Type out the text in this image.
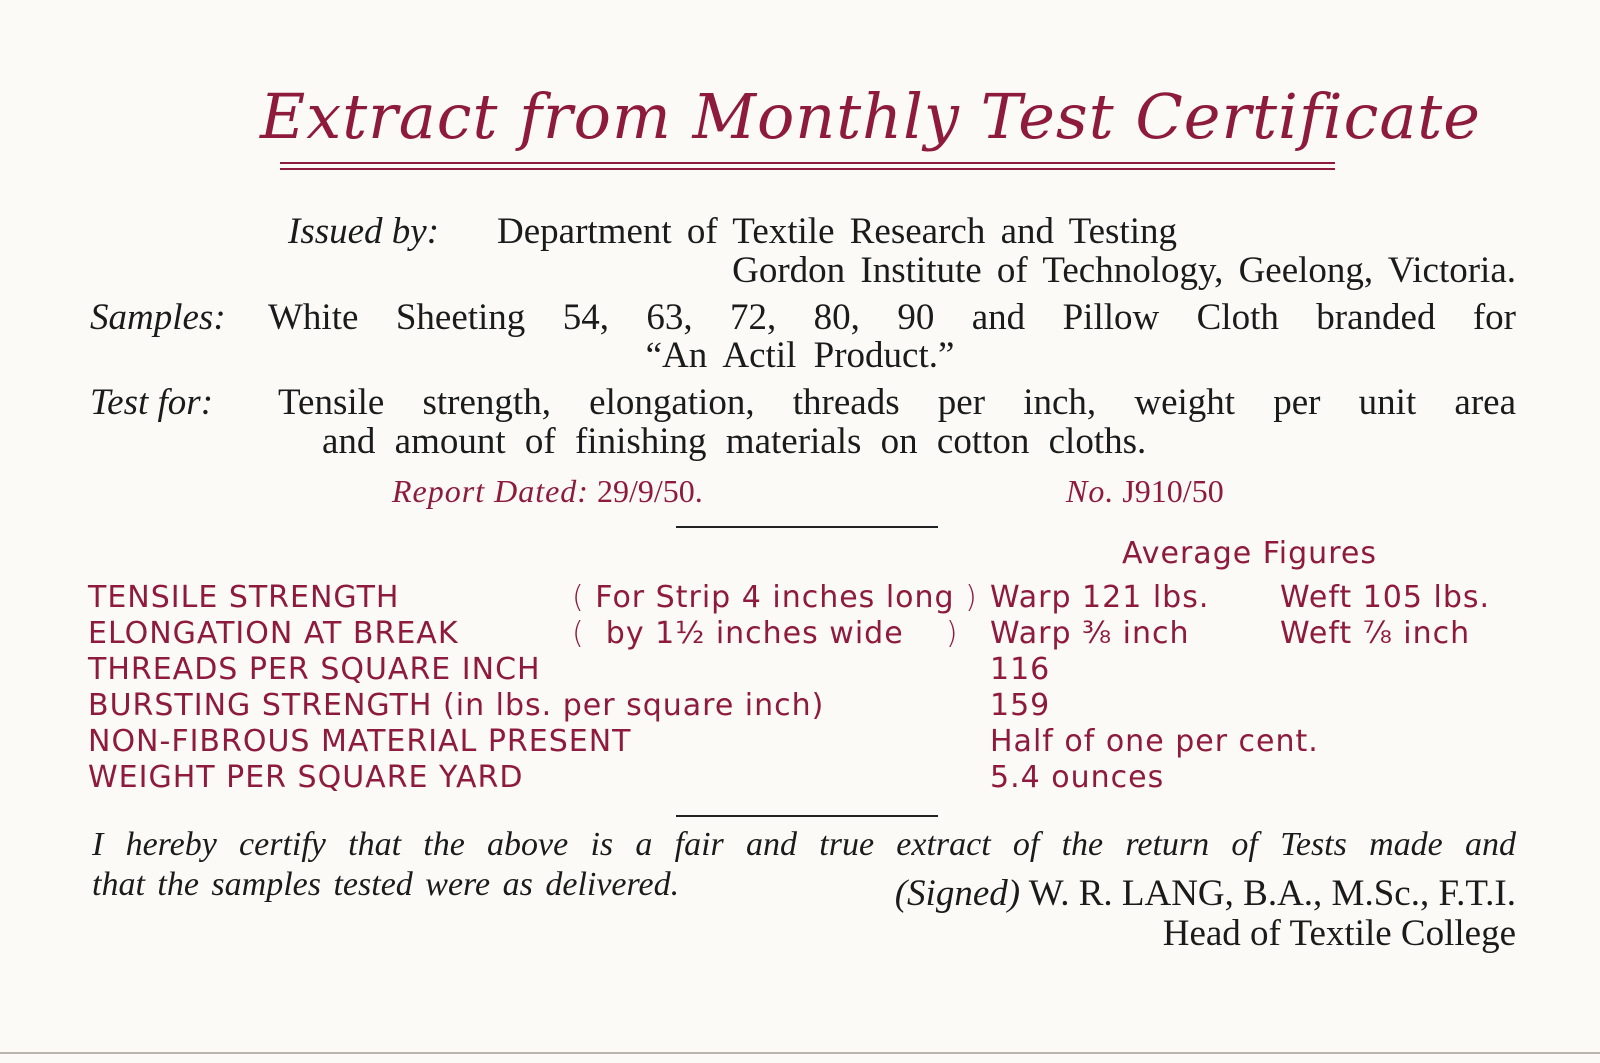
Extract from Monthly Test Certificate
Issued by: Department of Textile Research and Testing
Gordon Institute of Technology, Geelong, Victoria.
Samples: White Sheeting 54, 63, 72, 80, 90 and Pillow Cloth branded for
“An Actil Product.”
Test for: Tensile strength, elongation, threads per inch, weight per unit area
and amount of finishing materials on cotton cloths.
Report Dated: 29/9/50.	No. J910/50
Average Figures
TENSILE STRENGTH	( For Strip 4 inches long ) Warp 121 lbs. Weft 105 lbs.
ELONGATION AT BREAK	( by 1½ inches wide ) Warp ⅜ inch	Weft ⅞ inch
THREADS PER SQUARE INCH	116
BURSTING STRENGTH (in lbs. per square inch)	159
NON-FIBROUS MATERIAL PRESENT	Half of one per cent.
WEIGHT PER SQUARE YARD	5.4 ounces
I hereby certify that the above is a fair and true extract of the return of Tests made and
that the samples tested were as delivered.	(Signed) W. R. LANG, B.A., M.Sc., F.T.I.
Head of Textile College
